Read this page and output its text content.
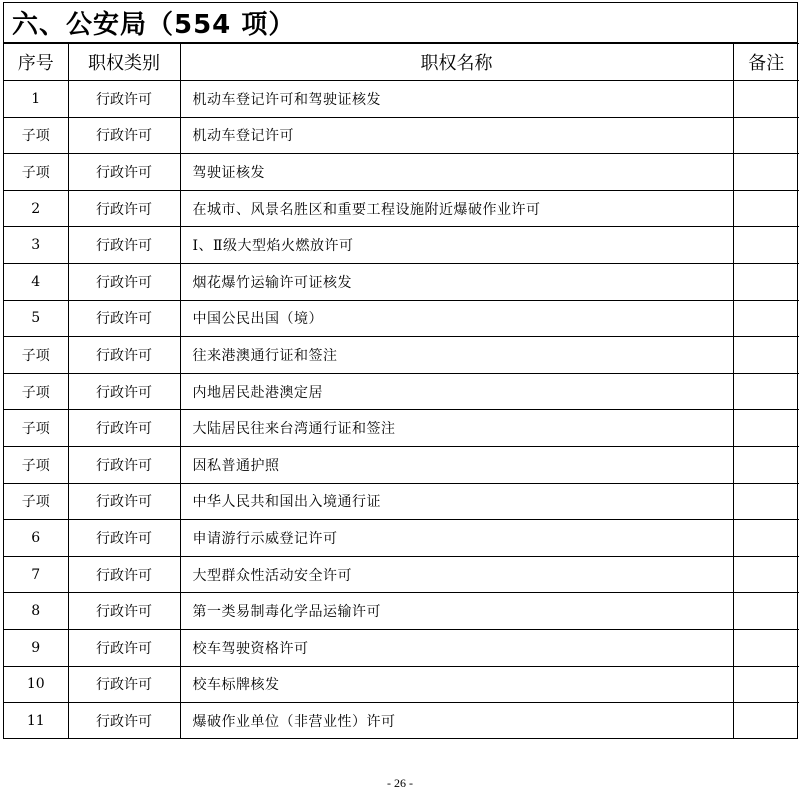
六、公安局（554 项）
序号	职权类别	职权名称	备注
1	行政许可	机动车登记许可和驾驶证核发	
子项	行政许可	机动车登记许可	
子项	行政许可	驾驶证核发	
2	行政许可	在城市、风景名胜区和重要工程设施附近爆破作业许可	
3	行政许可	Ⅰ、Ⅱ级大型焰火燃放许可	
4	行政许可	烟花爆竹运输许可证核发	
5	行政许可	中国公民出国（境）	
子项	行政许可	往来港澳通行证和签注	
子项	行政许可	内地居民赴港澳定居	
子项	行政许可	大陆居民往来台湾通行证和签注	
子项	行政许可	因私普通护照	
子项	行政许可	中华人民共和国出入境通行证	
6	行政许可	申请游行示威登记许可	
7	行政许可	大型群众性活动安全许可	
8	行政许可	第一类易制毒化学品运输许可	
9	行政许可	校车驾驶资格许可	
10	行政许可	校车标牌核发	
11	行政许可	爆破作业单位（非营业性）许可	
- 26 -
